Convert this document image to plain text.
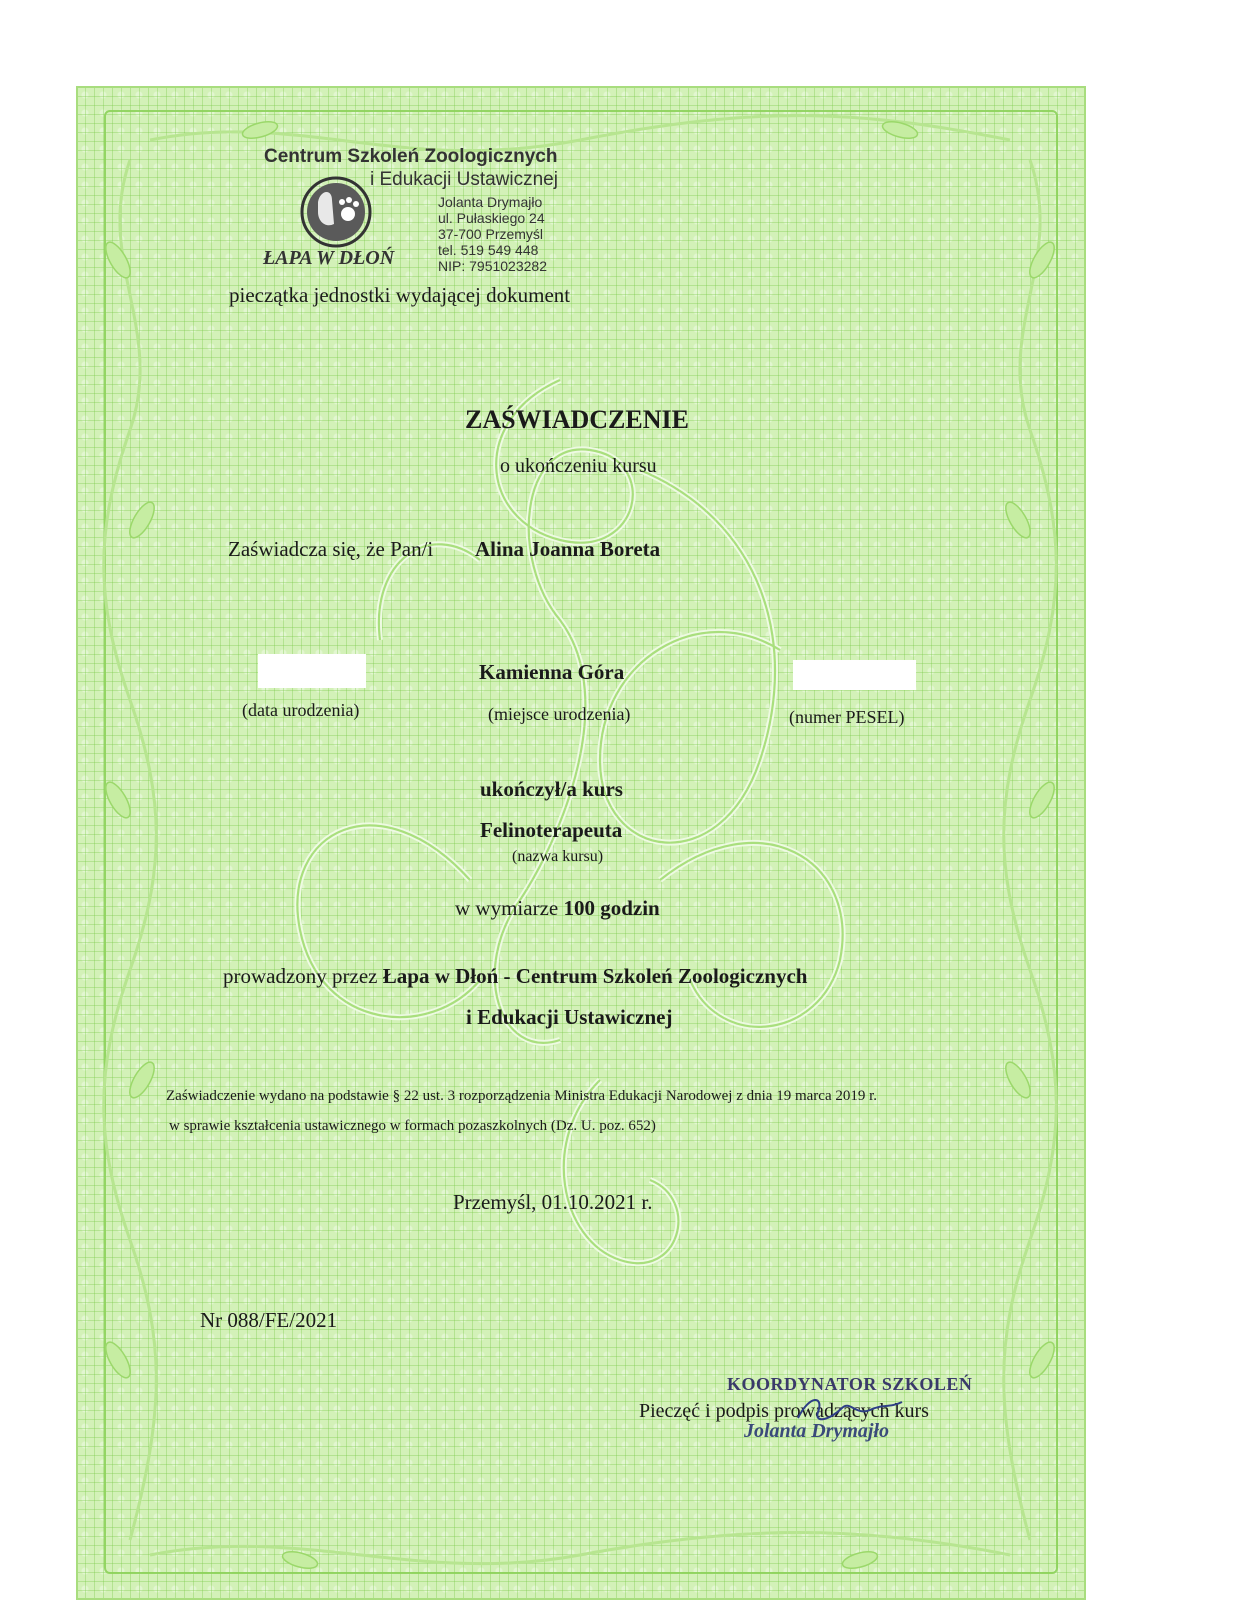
Centrum Szkoleń Zoologicznych
i Edukacji Ustawicznej
Jolanta Drymajło
ul. Pułaskiego 24
37-700 Przemyśl
tel. 519 549 448
NIP: 7951023282
ŁAPA W DŁOŃ
pieczątka jednostki wydającej dokument
ZAŚWIADCZENIE
o ukończeniu kursu
Zaświadcza się, że Pan/i Alina Joanna Boreta
Kamienna Góra
(data urodzenia)	(miejsce urodzenia)	(numer PESEL)
ukończył/a kurs
Felinoterapeuta
(nazwa kursu)
w wymiarze 100 godzin
prowadzony przez Łapa w Dłoń - Centrum Szkoleń Zoologicznych
i Edukacji Ustawicznej
Zaświadczenie wydano na podstawie § 22 ust. 3 rozporządzenia Ministra Edukacji Narodowej z dnia 19 marca 2019 r.
w sprawie kształcenia ustawicznego w formach pozaszkolnych (Dz. U. poz. 652)
Przemyśl, 01.10.2021 r.
Nr 088/FE/2021
KOORDYNATOR SZKOLEŃ
Pieczęć i podpis prowadzących kurs
Jolanta Drymajło
